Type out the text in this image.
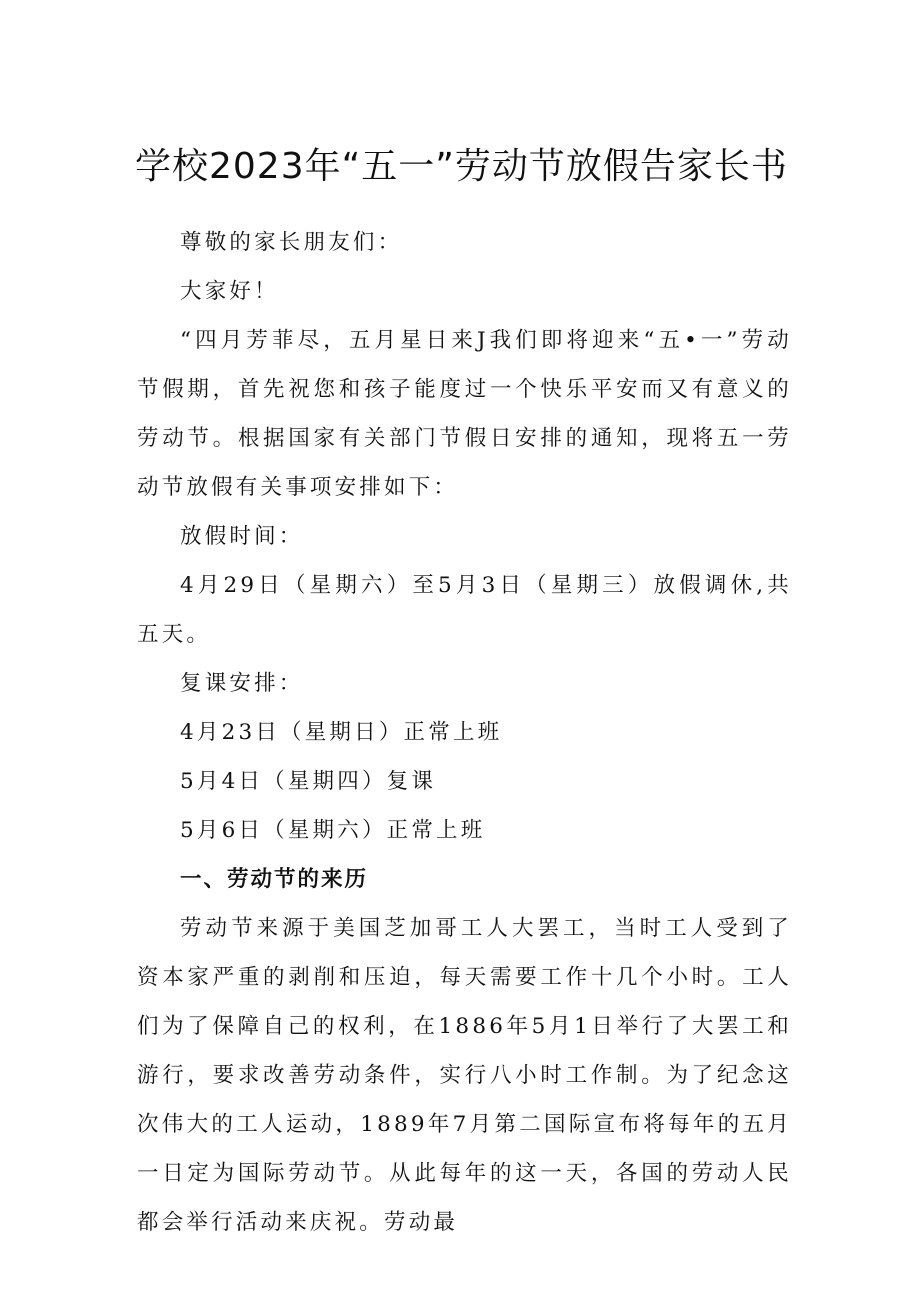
学校2023年“五一”劳动节放假告家长书

尊敬的家长朋友们：

大家好！

“四月芳菲尽，五月星日来J我们即将迎来“五•一”劳动节假期，首先祝您和孩子能度过一个快乐平安而又有意义的劳动节。根据国家有关部门节假日安排的通知，现将五一劳动节放假有关事项安排如下：

放假时间：

4月29日（星期六）至5月3日（星期三）放假调休,共五天。

复课安排：

4月23日（星期日）正常上班

5月4日（星期四）复课

5月6日（星期六）正常上班

一、劳动节的来历

劳动节来源于美国芝加哥工人大罢工，当时工人受到了资本家严重的剥削和压迫，每天需要工作十几个小时。工人们为了保障自己的权利，在1886年5月1日举行了大罢工和游行，要求改善劳动条件，实行八小时工作制。为了纪念这次伟大的工人运动，1889年7月第二国际宣布将每年的五月一日定为国际劳动节。从此每年的这一天，各国的劳动人民都会举行活动来庆祝。劳动最
